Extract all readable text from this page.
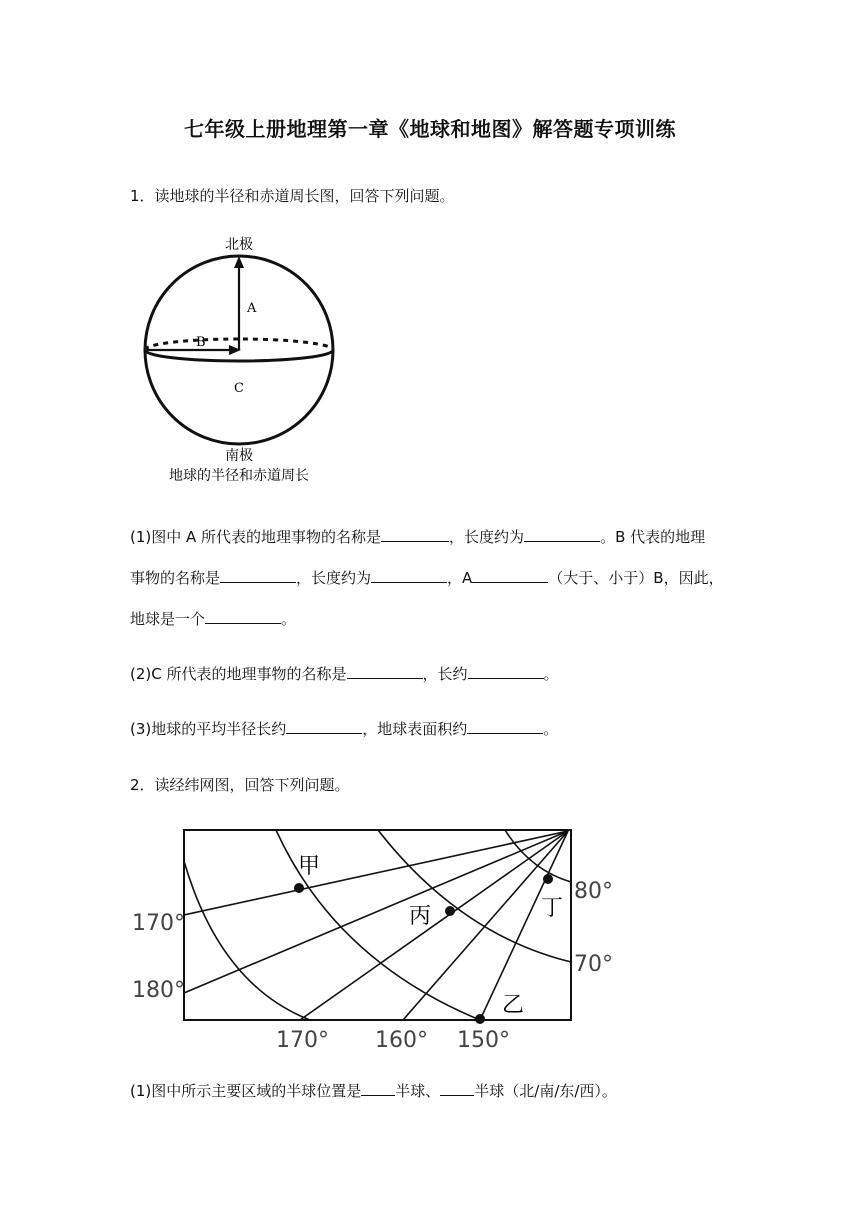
七年级上册地理第一章《地球和地图》解答题专项训练
1．读地球的半径和赤道周长图，回答下列问题。
北极
A
B
C
南极
地球的半径和赤道周长
(1)图中 A 所代表的地理事物的名称是	，长度约为	。B 代表的地理
事物的名称是	，长度约为	，A	（大于、小于）B，因此，
地球是一个	。
(2)C 所代表的地理事物的名称是	，长约	。
(3)地球的平均半径长约	，地球表面积约	。
2．读经纬网图，回答下列问题。
甲
丙	丁
乙
80°
70°
170°
180°
170° 160° 150°
(1)图中所示主要区域的半球位置是 半球、 半球（北/南/东/西）。
